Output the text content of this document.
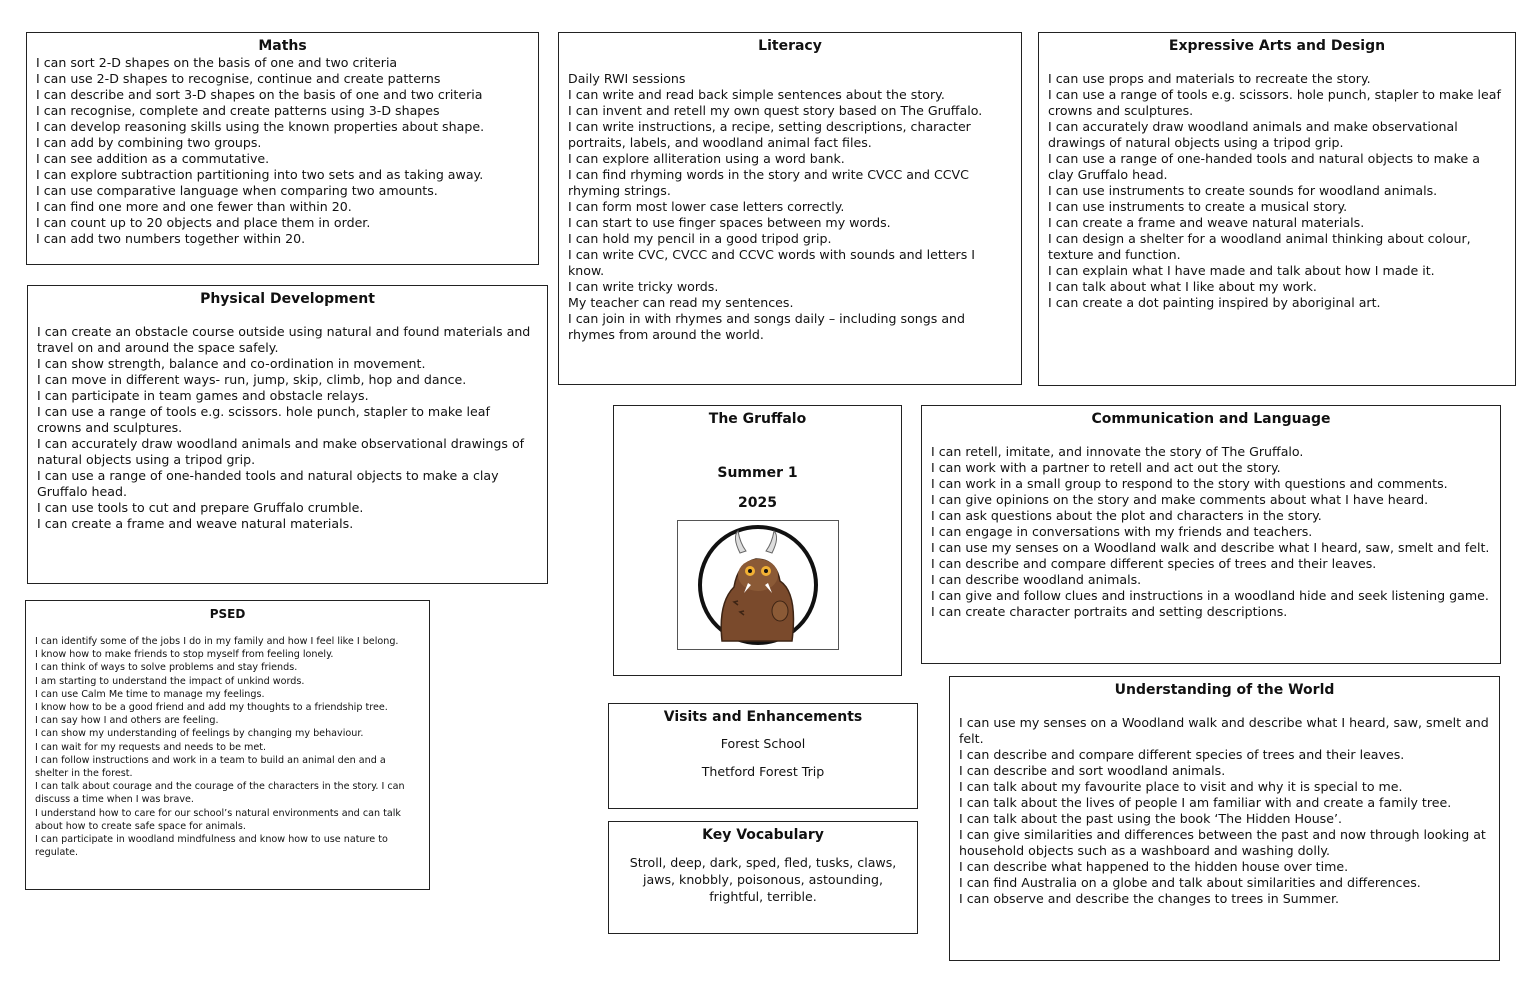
Maths
I can sort 2-D shapes on the basis of one and two criteria
I can use 2-D shapes to recognise, continue and create patterns
I can describe and sort 3-D shapes on the basis of one and two criteria
I can recognise, complete and create patterns using 3-D shapes
I can develop reasoning skills using the known properties about shape.
I can add by combining two groups.
I can see addition as a commutative.
I can explore subtraction partitioning into two sets and as taking away.
I can use comparative language when comparing two amounts.
I can find one more and one fewer than within 20.
I can count up to 20 objects and place them in order.
I can add two numbers together within 20.
Literacy
Daily RWI sessions
I can write and read back simple sentences about the story.
I can invent and retell my own quest story based on The Gruffalo.
I can write instructions, a recipe, setting descriptions, character portraits, labels, and woodland animal fact files.
I can explore alliteration using a word bank.
I can find rhyming words in the story and write CVCC and CCVC rhyming strings.
I can form most lower case letters correctly.
I can start to use finger spaces between my words.
I can hold my pencil in a good tripod grip.
I can write CVC, CVCC and CCVC words with sounds and letters I know.
I can write tricky words.
My teacher can read my sentences.
I can join in with rhymes and songs daily – including songs and rhymes from around the world.
Expressive Arts and Design
I can use props and materials to recreate the story.
I can use a range of tools e.g. scissors. hole punch, stapler to make leaf crowns and sculptures.
I can accurately draw woodland animals and make observational drawings of natural objects using a tripod grip.
I can use a range of one-handed tools and natural objects to make a clay Gruffalo head.
I can use instruments to create sounds for woodland animals.
I can use instruments to create a musical story.
I can create a frame and weave natural materials.
I can design a shelter for a woodland animal thinking about colour, texture and function.
I can explain what I have made and talk about how I made it.
I can talk about what I like about my work.
I can create a dot painting inspired by aboriginal art.
Physical Development
I can create an obstacle course outside using natural and found materials and travel on and around the space safely.
I can show strength, balance and co-ordination in movement.
I can move in different ways- run, jump, skip, climb, hop and dance.
I can participate in team games and obstacle relays.
I can use a range of tools e.g. scissors. hole punch, stapler to make leaf crowns and sculptures.
I can accurately draw woodland animals and make observational drawings of natural objects using a tripod grip.
I can use a range of one-handed tools and natural objects to make a clay Gruffalo head.
I can use tools to cut and prepare Gruffalo crumble.
I can create a frame and weave natural materials.
The Gruffalo
Summer 1
2025
Communication and Language
I can retell, imitate, and innovate the story of The Gruffalo.
I can work with a partner to retell and act out the story.
I can work in a small group to respond to the story with questions and comments.
I can give opinions on the story and make comments about what I have heard.
I can ask questions about the plot and characters in the story.
I can engage in conversations with my friends and teachers.
I can use my senses on a Woodland walk and describe what I heard, saw, smelt and felt.
I can describe and compare different species of trees and their leaves.
I can describe woodland animals.
I can give and follow clues and instructions in a woodland hide and seek listening game.
I can create character portraits and setting descriptions.
PSED
I can identify some of the jobs I do in my family and how I feel like I belong.
I know how to make friends to stop myself from feeling lonely.
I can think of ways to solve problems and stay friends.
I am starting to understand the impact of unkind words.
I can use Calm Me time to manage my feelings.
I know how to be a good friend and add my thoughts to a friendship tree.
I can say how I and others are feeling.
I can show my understanding of feelings by changing my behaviour.
I can wait for my requests and needs to be met.
I can follow instructions and work in a team to build an animal den and a shelter in the forest.
I can talk about courage and the courage of the characters in the story. I can discuss a time when I was brave.
I understand how to care for our school’s natural environments and can talk about how to create safe space for animals.
I can participate in woodland mindfulness and know how to use nature to regulate.
Visits and Enhancements
Forest School
Thetford Forest Trip
Key Vocabulary
Stroll, deep, dark, sped, fled, tusks, claws, jaws, knobbly, poisonous, astounding, frightful, terrible.
Understanding of the World
I can use my senses on a Woodland walk and describe what I heard, saw, smelt and felt.
I can describe and compare different species of trees and their leaves.
I can describe and sort woodland animals.
I can talk about my favourite place to visit and why it is special to me.
I can talk about the lives of people I am familiar with and create a family tree.
I can talk about the past using the book ‘The Hidden House’.
I can give similarities and differences between the past and now through looking at household objects such as a washboard and washing dolly.
I can describe what happened to the hidden house over time.
I can find Australia on a globe and talk about similarities and differences.
I can observe and describe the changes to trees in Summer.
